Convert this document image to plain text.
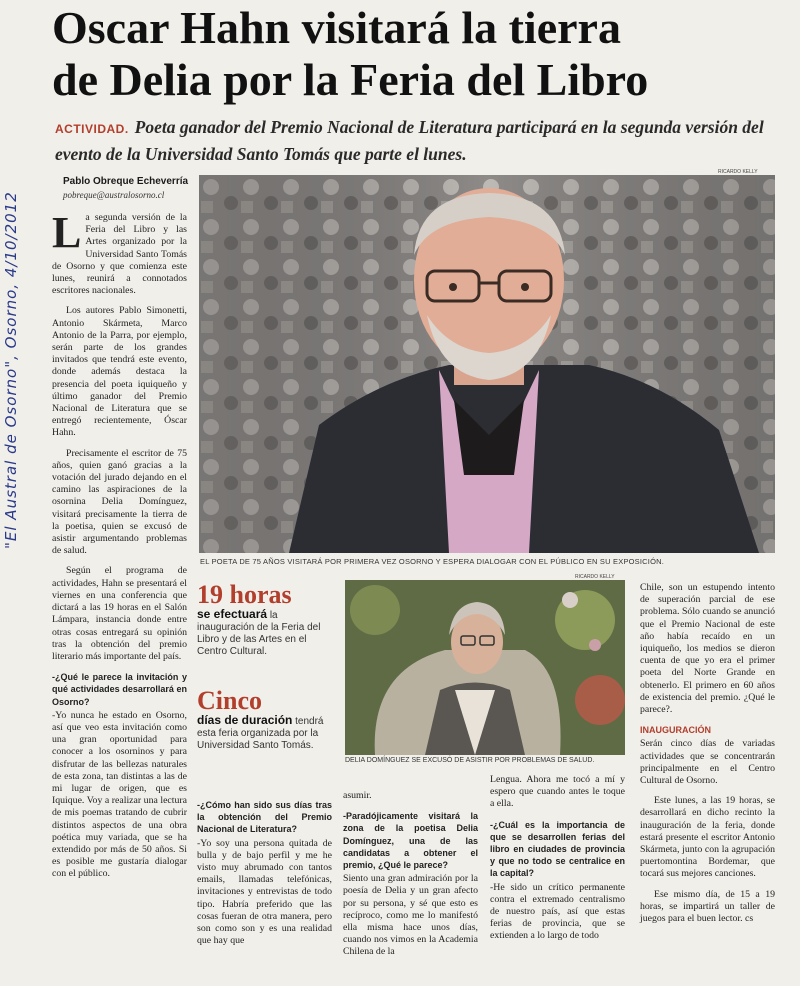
"El Austral de Osorno", Osorno, 4/10/2012
Oscar Hahn visitará la tierra
de Delia por la Feria del Libro
ACTIVIDAD. Poeta ganador del Premio Nacional de Literatura participará en la segunda versión del evento de la Universidad Santo Tomás que parte el lunes.
RICARDO KELLY
Pablo Obreque Echeverría
pobreque@australosorno.cl
EL POETA DE 75 AÑOS VISITARÁ POR PRIMERA VEZ OSORNO Y ESPERA DIALOGAR CON EL PÚBLICO EN SU EXPOSICIÓN.

La segunda versión de la Feria del Libro y las Artes organizado por la Universidad Santo Tomás de Osorno y que comienza este lunes, reunirá a connotados escritores nacionales.

Los autores Pablo Simonetti, Antonio Skármeta, Marco Antonio de la Parra, por ejemplo, serán parte de los grandes invitados que tendrá este evento, donde además destaca la presencia del poeta iquiqueño y último ganador del Premio Nacional de Literatura que se entregó recientemente, Óscar Hahn.

Precisamente el escritor de 75 años, quien ganó gracias a la votación del jurado dejando en el camino las aspiraciones de la osornina Delia Domínguez, visitará precisamente la tierra de la poetisa, quien se excusó de asistir argumentando problemas de salud.

Según el programa de actividades, Hahn se presentará el viernes en una conferencia que dictará a las 19 horas en el Salón Lámpara, instancia donde entre otras cosas entregará su opinión tras la obtención del premio literario más importante del país.

-¿Qué le parece la invitación y qué actividades desarrollará en Osorno?

-Yo nunca he estado en Osorno, así que veo esta invitación como una gran oportunidad para conocer a los osorninos y para disfrutar de las bellezas naturales de esta zona, tan distintas a las de mi lugar de origen, que es Iquique. Voy a realizar una lectura de mis poemas tratando de cubrir distintos aspectos de una obra poética muy variada, que se ha extendido por más de 50 años. Si es posible me gustaría dialogar con el público.

19 horas
se efectuará la inauguración de la Feria del Libro y de las Artes en el Centro Cultural.
Cinco
días de duración tendrá esta feria organizada por la Universidad Santo Tomás.
RICARDO KELLY
DELIA DOMÍNGUEZ SE EXCUSÓ DE ASISTIR POR PROBLEMAS DE SALUD.

-¿Cómo han sido sus días tras la obtención del Premio Nacional de Literatura?

-Yo soy una persona quitada de bulla y de bajo perfil y me he visto muy abrumado con tantos emails, llamadas telefónicas, invitaciones y entrevistas de todo tipo. Habría preferido que las cosas fueran de otra manera, pero son como son y es una realidad que hay que

asumir.

-Paradójicamente visitará la zona de la poetisa Delia Domínguez, una de las candidatas a obtener el premio, ¿Qué le parece?

Siento una gran admiración por la poesía de Delia y un gran afecto por su persona, y sé que esto es recíproco, como me lo manifestó ella misma hace unos días, cuando nos vimos en la Academia Chilena de la

Lengua. Ahora me tocó a mí y espero que cuando antes le toque a ella.

-¿Cuál es la importancia de que se desarrollen ferias del libro en ciudades de provincia y que no todo se centralice en la capital?

-He sido un crítico permanente contra el extremado centralismo de nuestro país, así que estas ferias de provincia, que se extienden a lo largo de todo

Chile, son un estupendo intento de superación parcial de ese problema. Sólo cuando se anunció que el Premio Nacional de este año había recaído en un iquiqueño, los medios se dieron cuenta de que yo era el primer poeta del Norte Grande en obtenerlo. El primero en 60 años de existencia del premio. ¿Qué le parece?.

INAUGURACIÓN

Serán cinco días de variadas actividades que se concentrarán principalmente en el Centro Cultural de Osorno.

Este lunes, a las 19 horas, se desarrollará en dicho recinto la inauguración de la feria, donde estará presente el escritor Antonio Skármeta, junto con la agrupación puertomontina Bordemar, que tocará sus mejores canciones.

Ese mismo día, de 15 a 19 horas, se impartirá un taller de juegos para el buen lector. cs
